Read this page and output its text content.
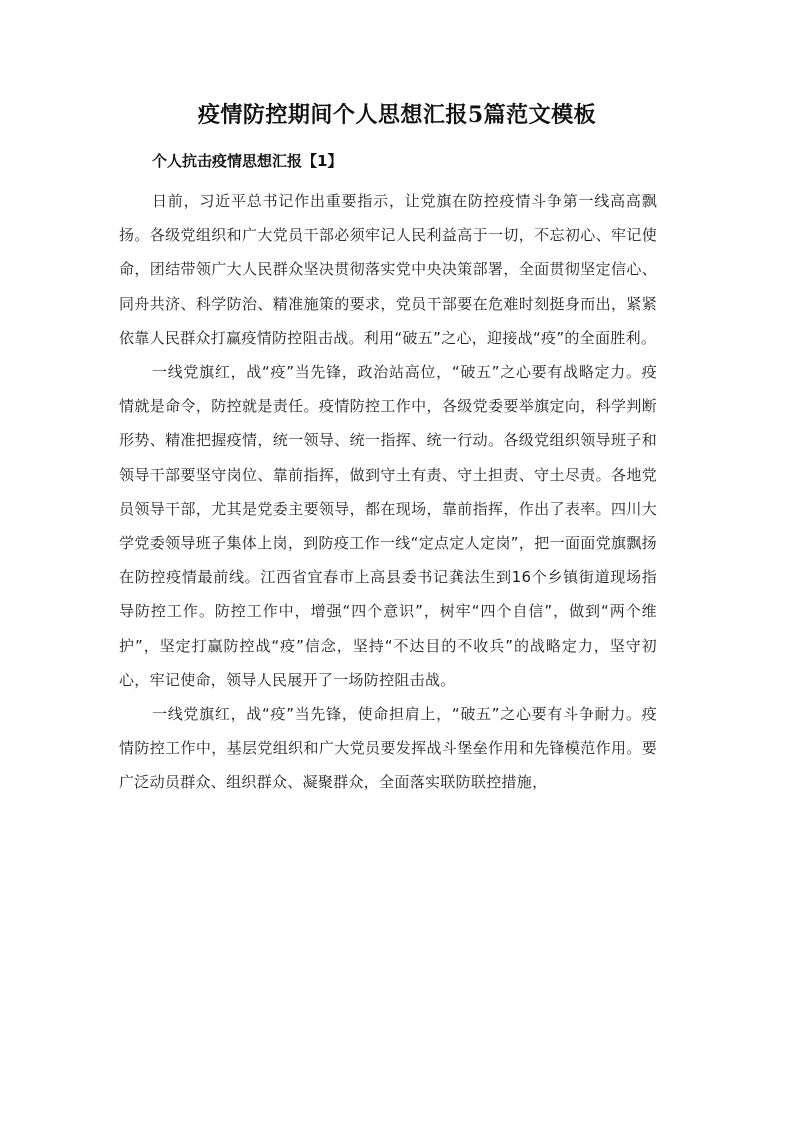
疫情防控期间个人思想汇报5篇范文模板
个人抗击疫情思想汇报【1】

日前，习近平总书记作出重要指示，让党旗在防控疫情斗争第一线高高飘扬。各级党组织和广大党员干部必须牢记人民利益高于一切，不忘初心、牢记使命，团结带领广大人民群众坚决贯彻落实党中央决策部署，全面贯彻坚定信心、同舟共济、科学防治、精准施策的要求，党员干部要在危难时刻挺身而出，紧紧依靠人民群众打赢疫情防控阻击战。利用“破五”之心，迎接战“疫”的全面胜利。

一线党旗红，战“疫”当先锋，政治站高位，“破五”之心要有战略定力。疫情就是命令，防控就是责任。疫情防控工作中，各级党委要举旗定向，科学判断形势、精准把握疫情，统一领导、统一指挥、统一行动。各级党组织领导班子和领导干部要坚守岗位、靠前指挥，做到守土有责、守土担责、守土尽责。各地党员领导干部，尤其是党委主要领导，都在现场，靠前指挥，作出了表率。四川大学党委领导班子集体上岗，到防疫工作一线“定点定人定岗”，把一面面党旗飘扬在防控疫情最前线。江西省宜春市上高县委书记龚法生到16个乡镇街道现场指导防控工作。防控工作中，增强“四个意识”，树牢“四个自信”，做到“两个维护”，坚定打赢防控战“疫”信念，坚持“不达目的不收兵”的战略定力，坚守初心，牢记使命，领导人民展开了一场防控阻击战。

一线党旗红，战“疫”当先锋，使命担肩上，“破五”之心要有斗争耐力。疫情防控工作中，基层党组织和广大党员要发挥战斗堡垒作用和先锋模范作用。要广泛动员群众、组织群众、凝聚群众，全面落实联防联控措施，
